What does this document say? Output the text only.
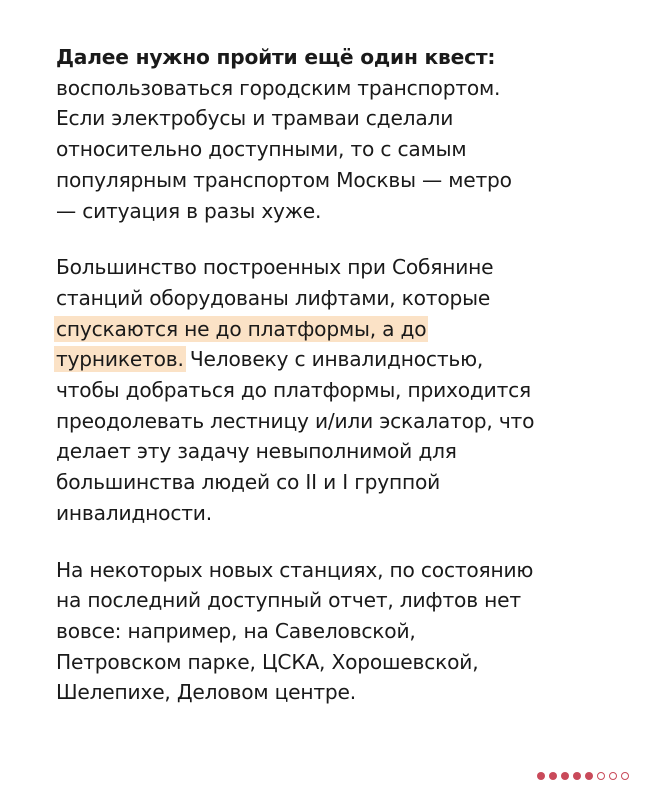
Далее нужно пройти ещё один квест:
воспользоваться городским транспортом.
Если электробусы и трамваи сделали
относительно доступными, то с самым
популярным транспортом Москвы — метро
— ситуация в разы хуже.

Большинство построенных при Собянине
станций оборудованы лифтами, которые
спускаются не до платформы, а до
турникетов. Человеку с инвалидностью,
чтобы добраться до платформы, приходится
преодолевать лестницу и/или эскалатор, что
делает эту задачу невыполнимой для
большинства людей со II и I группой
инвалидности.

На некоторых новых станциях, по состоянию
на последний доступный отчет, лифтов нет
вовсе: например, на Савеловской,
Петровском парке, ЦСКА, Хорошевской,
Шелепихе, Деловом центре.
